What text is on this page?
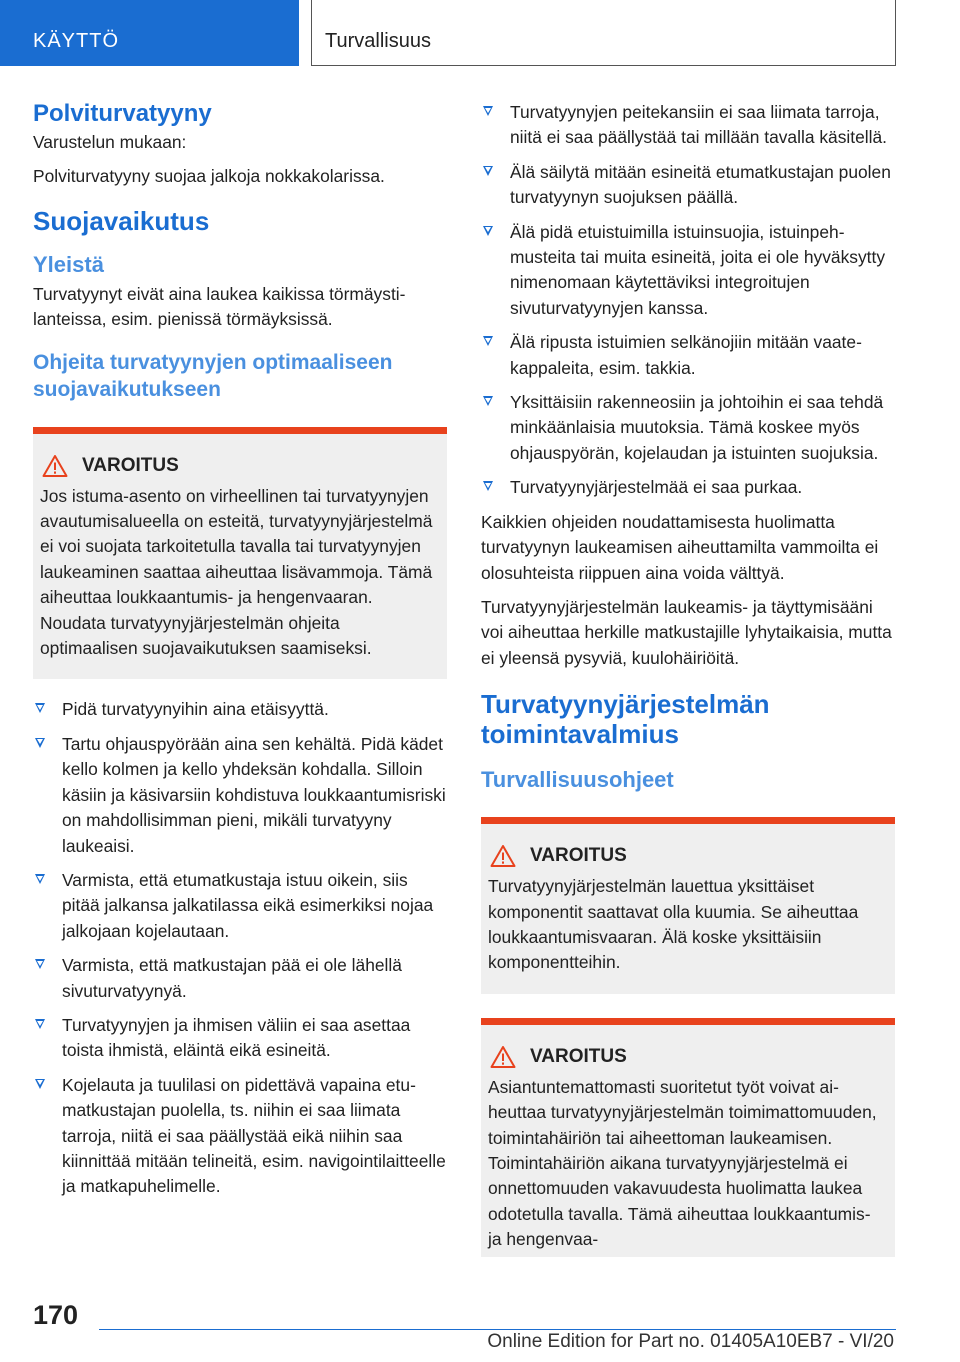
KÄYTTÖ	Turvallisuus
Polviturvatyyny

Varustelun mukaan:

Polviturvatyyny suojaa jalkoja nokkakolarissa.

Suojavaikutus
Yleistä

Turvatyynyt eivät aina laukea kaikissa törmäystilanteissa, esim. pienissä törmäyksissä.

Ohjeita turvatyynyjen optimaaliseen suojavaikutukseen
VAROITUS

Jos istuma-asento on virheellinen tai turvatyynyjen avautumisalueella on esteitä, turvatyynyjärjestelmä ei voi suojata tarkoitetulla tavalla tai turvatyynyjen laukeaminen saattaa aiheuttaa lisävammoja. Tämä aiheuttaa loukkaantumis- ja hengenvaaran. Noudata turvatyynyjärjestelmän ohjeita optimaalisen suojavaikutuksen saamiseksi.

Pidä turvatyynyihin aina etäisyyttä.
Tartu ohjauspyörään aina sen kehältä. Pidä kädet kello kolmen ja kello yhdeksän kohdalla. Silloin käsiin ja käsivarsiin kohdistuva loukkaantumisriski on mahdollisimman pieni, mikäli turvatyyny laukeaisi.
Varmista, että etumatkustaja istuu oikein, siis pitää jalkansa jalkatilassa eikä esimerkiksi nojaa jalkojaan kojelautaan.
Varmista, että matkustajan pää ei ole lähellä sivuturvatyynyä.
Turvatyynyjen ja ihmisen väliin ei saa asettaa toista ihmistä, eläintä eikä esineitä.
Kojelauta ja tuulilasi on pidettävä vapaina etumatkustajan puolella, ts. niihin ei saa liimata tarroja, niitä ei saa päällystää eikä niihin saa kiinnittää mitään telineitä, esim. navigointilaitteelle ja matkapuhelimelle.
Turvatyynyjen peitekansiin ei saa liimata tarroja, niitä ei saa päällystää tai millään tavalla käsitellä.
Älä säilytä mitään esineitä etumatkustajan puolen turvatyynyn suojuksen päällä.
Älä pidä etuistuimilla istuinsuojia, istuinpehmusteita tai muita esineitä, joita ei ole hyväksytty nimenomaan käytettäviksi integroitujen sivuturvatyynyjen kanssa.
Älä ripusta istuimien selkänojiin mitään vaatekappaleita, esim. takkia.
Yksittäisiin rakenneosiin ja johtoihin ei saa tehdä minkäänlaisia muutoksia. Tämä koskee myös ohjauspyörän, kojelaudan ja istuinten suojuksia.
Turvatyynyjärjestelmää ei saa purkaa.

Kaikkien ohjeiden noudattamisesta huolimatta turvatyynyn laukeamisen aiheuttamilta vammoilta ei olosuhteista riippuen aina voida välttyä.

Turvatyynyjärjestelmän laukeamis- ja täyttymisääni voi aiheuttaa herkille matkustajille lyhytaikaisia, mutta ei yleensä pysyviä, kuulohäiriöitä.

Turvatyynyjärjestelmän toimintavalmius
Turvallisuusohjeet
VAROITUS

Turvatyynyjärjestelmän lauettua yksittäiset komponentit saattavat olla kuumia. Se aiheuttaa loukkaantumisvaaran. Älä koske yksittäisiin komponentteihin.

VAROITUS

Asiantuntemattomasti suoritetut työt voivat aiheuttaa turvatyynyjärjestelmän toimimattomuuden, toimintahäiriön tai aiheettoman laukeamisen. Toimintahäiriön aikana turvatyynyjärjestelmä ei onnettomuuden vakavuudesta huolimatta laukea odotetulla tavalla. Tämä aiheuttaa loukkaantumis- ja hengenvaa-

170
Online Edition for Part no. 01405A10EB7 - VI/20
